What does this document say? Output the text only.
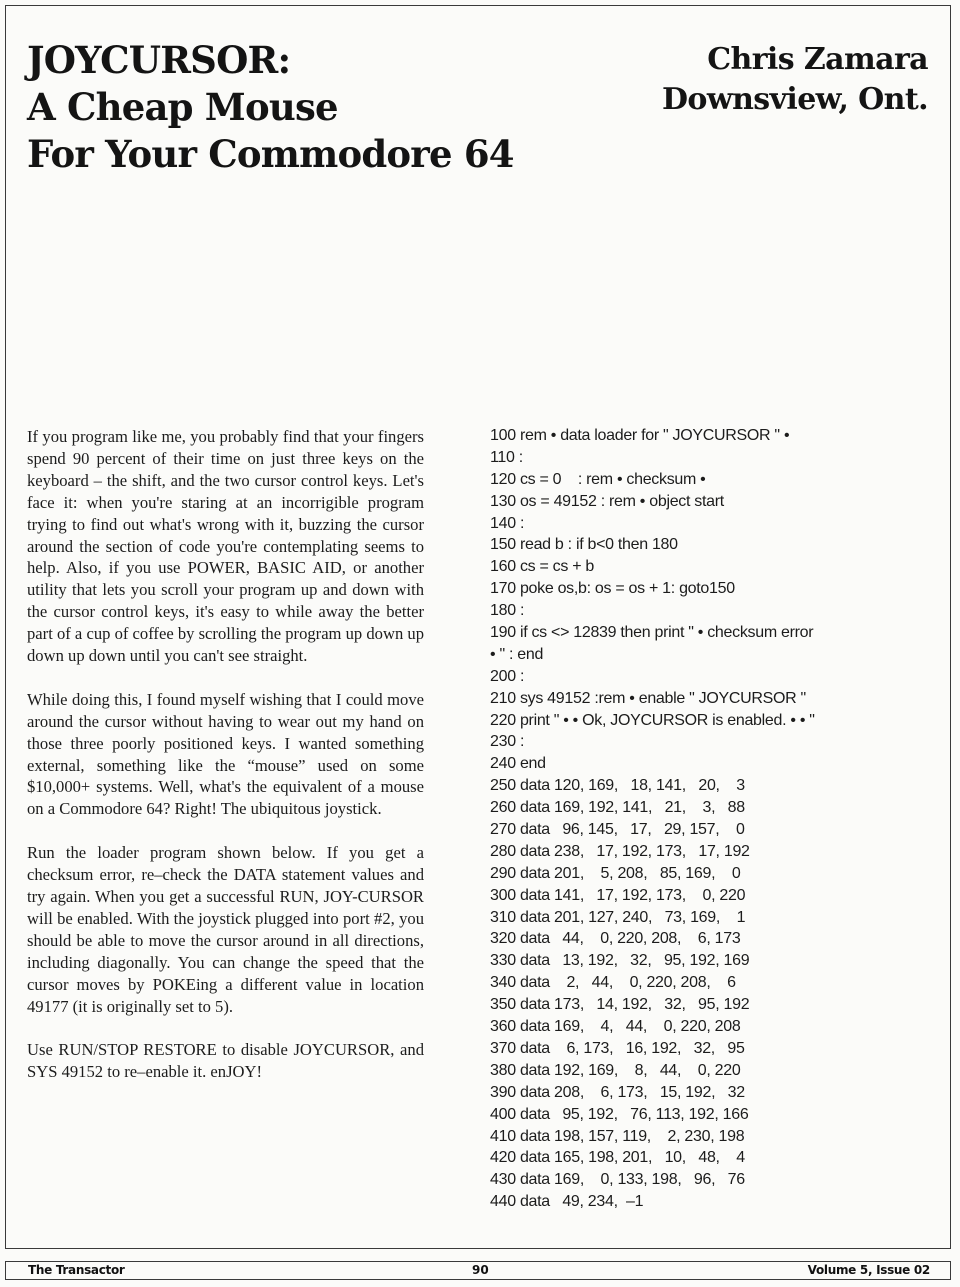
JOYCURSOR:
A Cheap Mouse
For Your Commodore 64
Chris Zamara
Downsview, Ont.

If you program like me, you probably find that your fingers spend 90 percent of their time on just three keys on the keyboard – the shift, and the two cursor control keys. Let's face it: when you're staring at an incorrigible program trying to find out what's wrong with it, buzzing the cursor around the section of code you're contemplating seems to help. Also, if you use POWER, BASIC AID, or another utility that lets you scroll your program up and down with the cursor control keys, it's easy to while away the better part of a cup of coffee by scrolling the program up down up down up down until you can't see straight.

While doing this, I found myself wishing that I could move around the cursor without having to wear out my hand on those three poorly positioned keys. I wanted something external, something like the “mouse” used on some $10,000+ systems. Well, what's the equivalent of a mouse on a Commodore 64? Right! The ubiquitous joystick.

Run the loader program shown below. If you get a checksum error, re–check the DATA statement values and try again. When you get a successful RUN, JOY-CURSOR will be enabled. With the joystick plugged into port #2, you should be able to move the cursor around in all directions, including diagonally. You can change the speed that the cursor moves by POKEing a different value in location 49177 (it is originally set to 5).

Use RUN/STOP RESTORE to disable JOYCURSOR, and SYS 49152 to re–enable it. enJOY!

100 rem • data loader for " JOYCURSOR " •
110 :
120 cs = 0    : rem • checksum •
130 os = 49152 : rem • object start
140 :
150 read b : if b<0 then 180
160 cs = cs + b
170 poke os,b: os = os + 1: goto150
180 :
190 if cs <> 12839 then print " • checksum error
• " : end
200 :
210 sys 49152 :rem • enable " JOYCURSOR "
220 print " • • Ok, JOYCURSOR is enabled. • • "
230 :
240 end
250 data 120, 169,   18, 141,   20,    3
260 data 169, 192, 141,   21,    3,   88
270 data   96, 145,   17,   29, 157,    0
280 data 238,   17, 192, 173,   17, 192
290 data 201,    5, 208,   85, 169,    0
300 data 141,   17, 192, 173,    0, 220
310 data 201, 127, 240,   73, 169,    1
320 data   44,    0, 220, 208,    6, 173
330 data   13, 192,   32,   95, 192, 169
340 data    2,   44,    0, 220, 208,    6
350 data 173,   14, 192,   32,   95, 192
360 data 169,    4,   44,    0, 220, 208
370 data    6, 173,   16, 192,   32,   95
380 data 192, 169,    8,   44,    0, 220
390 data 208,    6, 173,   15, 192,   32
400 data   95, 192,   76, 113, 192, 166
410 data 198, 157, 119,    2, 230, 198
420 data 165, 198, 201,   10,   48,    4
430 data 169,    0, 133, 198,   96,   76
440 data   49, 234,  –1
The Transactor	90	Volume 5, Issue 02
